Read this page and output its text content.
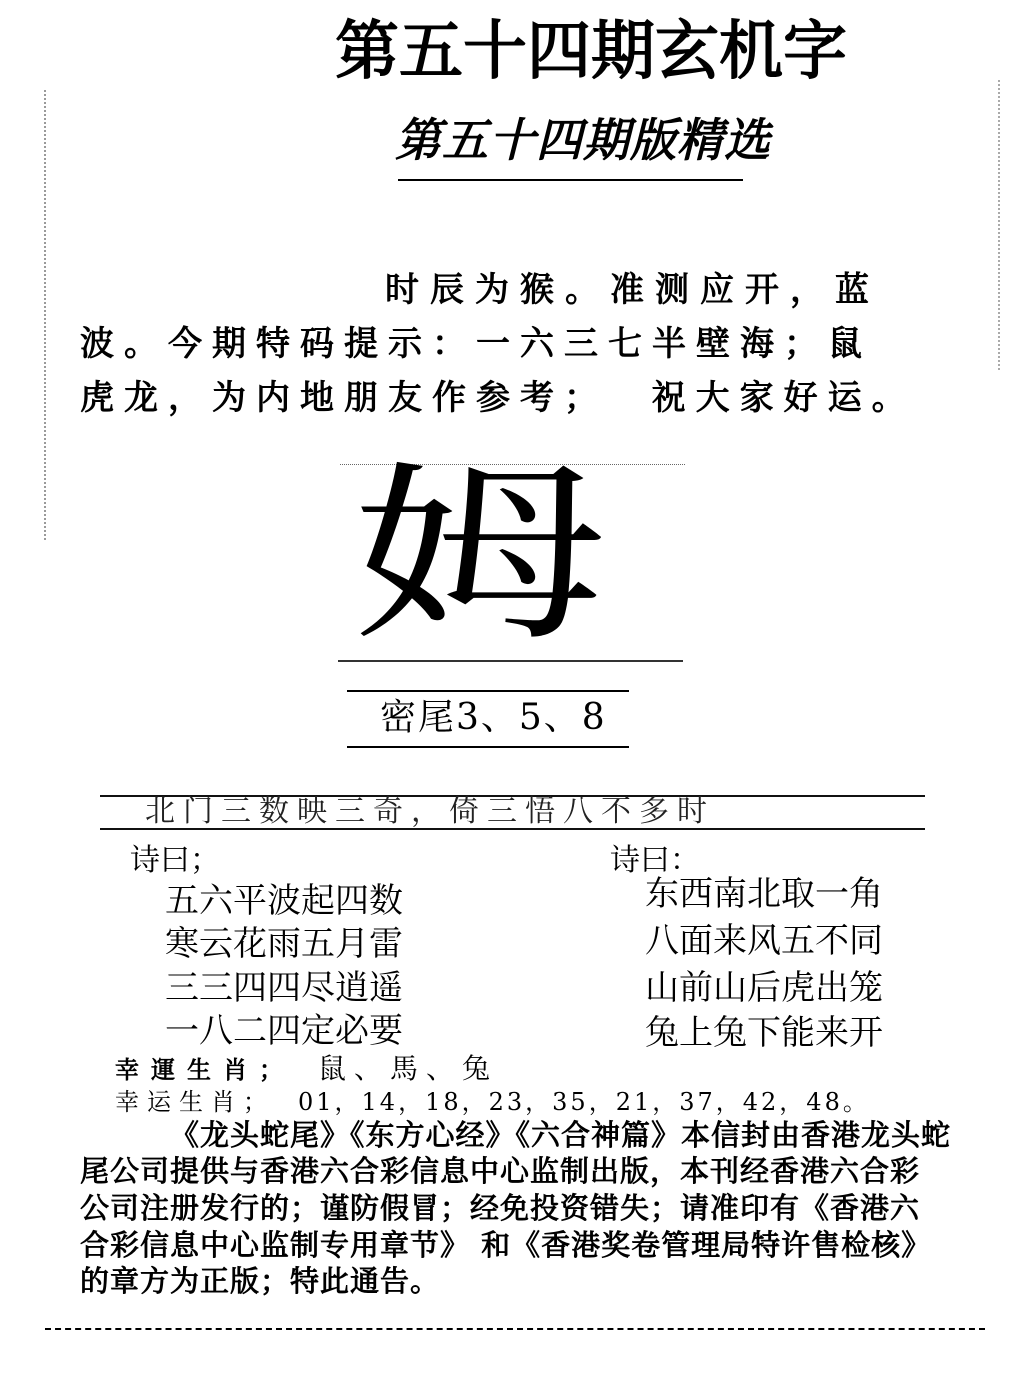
第五十四期玄机字
第五十四期版精选
时辰为猴。准测应开，蓝
波。今期特码提示：一六三七半壁海；鼠
虎龙，为内地朋友作参考；  祝大家好运。
姆
密尾3、5、8
北门三数映三奇，倚三悟八不多时
诗曰；
五六平波起四数
寒云花雨五月雷
三三四四尽逍遥
一八二四定必要
诗曰：
东西南北取一角
八面来风五不同
山前山后虎出笼
兔上兔下能来开
幸運生肖； 鼠、馬、兔
幸运生肖； 01，14，18，23，35，21，37，42，48。
《龙头蛇尾》《东方心经》《六合神篇》本信封由香港龙头蛇
尾公司提供与香港六合彩信息中心监制出版，本刊经香港六合彩
公司注册发行的；谨防假冒；经免投资错失；请准印有《香港六
合彩信息中心监制专用章节》 和《香港奖卷管理局特许售检核》
的章方为正版；特此通告。
